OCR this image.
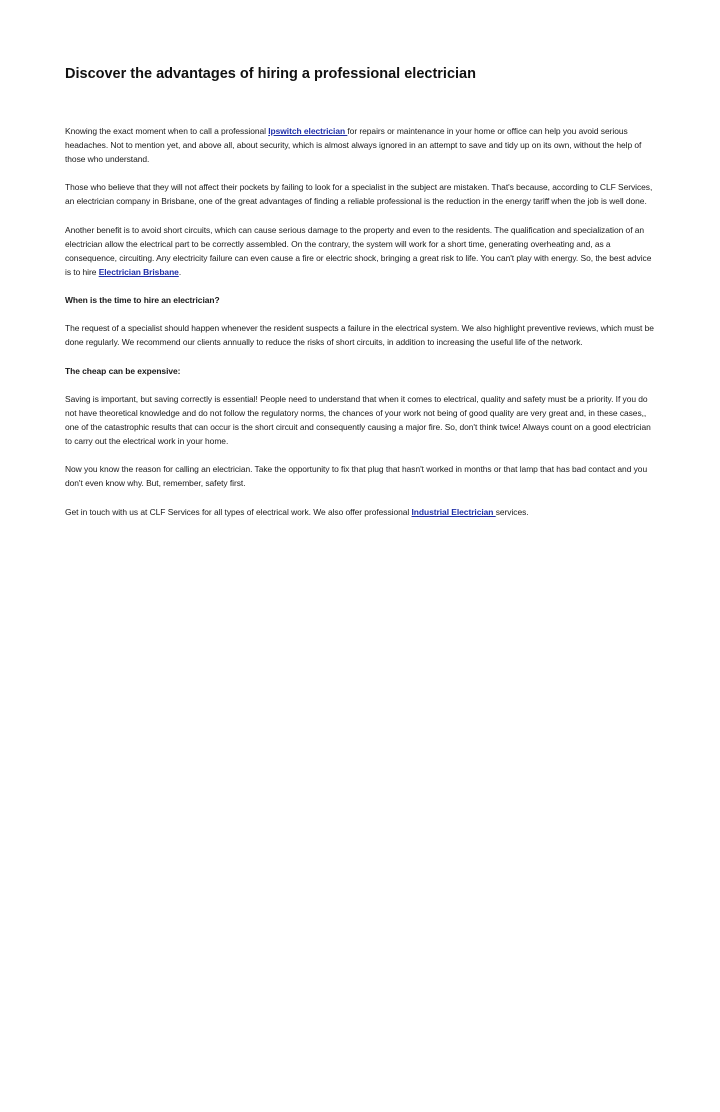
Discover the advantages of hiring a professional electrician

Knowing the exact moment when to call a professional Ipswitch electrician for repairs or maintenance in your home or office can help you avoid serious headaches. Not to mention yet, and above all, about security, which is almost always ignored in an attempt to save and tidy up on its own, without the help of those who understand.

Those who believe that they will not affect their pockets by failing to look for a specialist in the subject are mistaken. That's because, according to CLF Services, an electrician company in Brisbane, one of the great advantages of finding a reliable professional is the reduction in the energy tariff when the job is well done.

Another benefit is to avoid short circuits, which can cause serious damage to the property and even to the residents. The qualification and specialization of an electrician allow the electrical part to be correctly assembled. On the contrary, the system will work for a short time, generating overheating and, as a consequence, circuiting. Any electricity failure can even cause a fire or electric shock, bringing a great risk to life. You can't play with energy. So, the best advice is to hire Electrician Brisbane.

When is the time to hire an electrician?

The request of a specialist should happen whenever the resident suspects a failure in the electrical system. We also highlight preventive reviews, which must be done regularly. We recommend our clients annually to reduce the risks of short circuits, in addition to increasing the useful life of the network.

The cheap can be expensive:

Saving is important, but saving correctly is essential! People need to understand that when it comes to electrical, quality and safety must be a priority. If you do not have theoretical knowledge and do not follow the regulatory norms, the chances of your work not being of good quality are very great and, in these cases,, one of the catastrophic results that can occur is the short circuit and consequently causing a major fire. So, don't think twice! Always count on a good electrician to carry out the electrical work in your home.

Now you know the reason for calling an electrician. Take the opportunity to fix that plug that hasn't worked in months or that lamp that has bad contact and you don't even know why. But, remember, safety first.

Get in touch with us at CLF Services for all types of electrical work. We also offer professional Industrial Electrician services.
